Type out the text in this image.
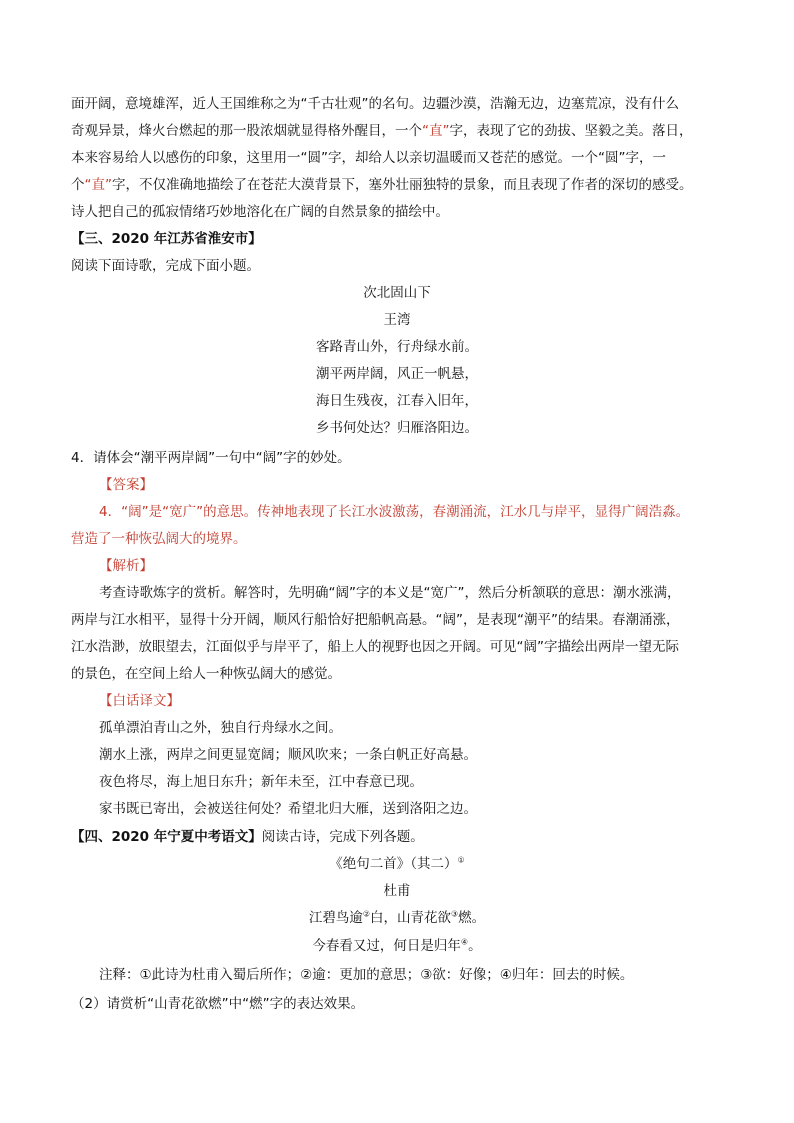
面开阔，意境雄浑，近人王国维称之为“千古壮观”的名句。边疆沙漠，浩瀚无边，边塞荒凉，没有什么
奇观异景，烽火台燃起的那一股浓烟就显得格外醒目，一个“直”字，表现了它的劲拔、坚毅之美。落日，
本来容易给人以感伤的印象，这里用一“圆”字，却给人以亲切温暖而又苍茫的感觉。一个“圆”字，一
个“直”字，不仅准确地描绘了在苍茫大漠背景下，塞外壮丽独特的景象，而且表现了作者的深切的感受。
诗人把自己的孤寂情绪巧妙地溶化在广阔的自然景象的描绘中。
【三、2020 年江苏省淮安市】
阅读下面诗歌，完成下面小题。
次北固山下
王湾
客路青山外，行舟绿水前。
潮平两岸阔，风正一帆悬，
海日生残夜，江春入旧年，
乡书何处达？归雁洛阳边。
4．请体会“潮平两岸阔”一句中“阔”字的妙处。
【答案】
4．“阔”是“宽广”的意思。传神地表现了长江水波激荡，春潮涌流，江水几与岸平，显得广阔浩淼。
营造了一种恢弘阔大的境界。
【解析】
考查诗歌炼字的赏析。解答时，先明确“阔”字的本义是“宽广”，然后分析颔联的意思：潮水涨满，
两岸与江水相平，显得十分开阔，顺风行船恰好把船帆高悬。“阔”，是表现“潮平”的结果。春潮涌涨，
江水浩渺，放眼望去，江面似乎与岸平了，船上人的视野也因之开阔。可见“阔”字描绘出两岸一望无际
的景色，在空间上给人一种恢弘阔大的感觉。
【白话译文】
孤单漂泊青山之外，独自行舟绿水之间。
潮水上涨，两岸之间更显宽阔；顺风吹来；一条白帆正好高悬。
夜色将尽，海上旭日东升；新年未至，江中春意已现。
家书既已寄出，会被送往何处？希望北归大雁，送到洛阳之边。
【四、2020 年宁夏中考语文】阅读古诗，完成下列各题。
《绝句二首》（其二）①
杜甫
江碧鸟逾②白，山青花欲③燃。
今春看又过，何日是归年④。
注释：①此诗为杜甫入蜀后所作；②逾：更加的意思；③欲：好像；④归年：回去的时候。
（2）请赏析“山青花欲燃”中“燃”字的表达效果。
